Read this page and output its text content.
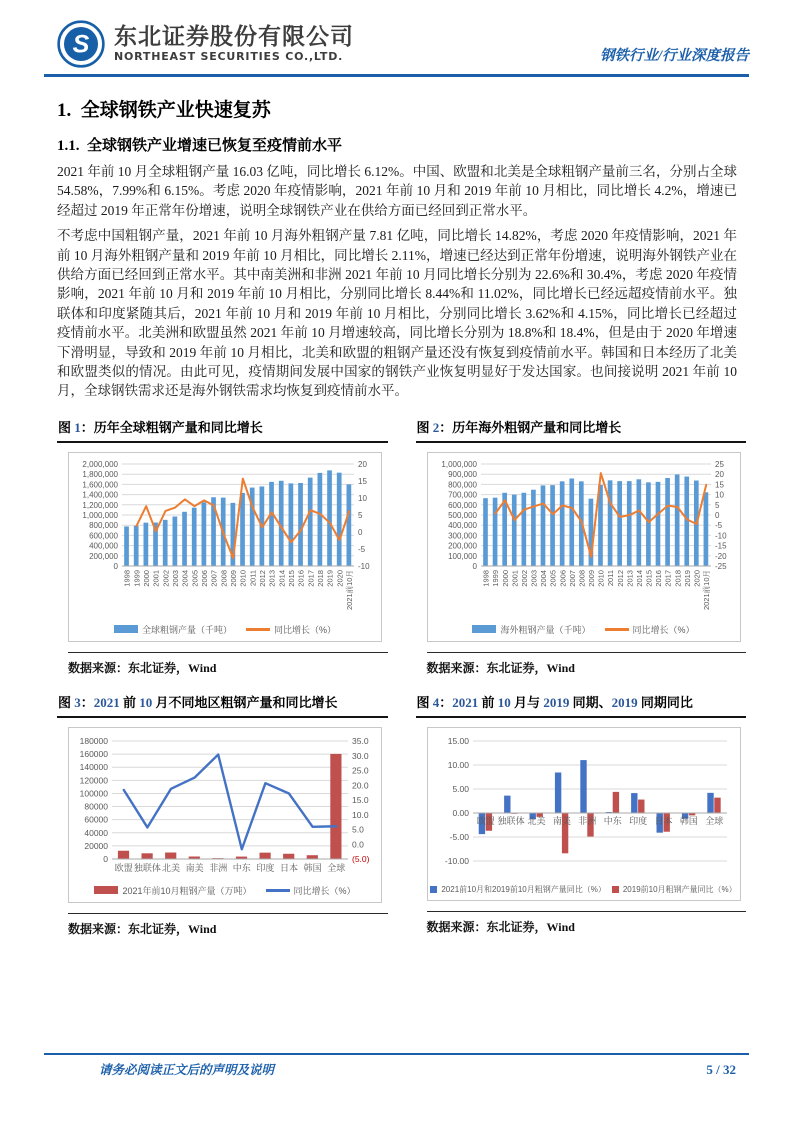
S 东北证券股份有限公司
NORTHEAST SECURITIES CO.,LTD.	钢铁行业/行业深度报告
1.  全球钢铁产业快速复苏
1.1.  全球钢铁产业增速已恢复至疫情前水平

2021 年前 10 月全球粗钢产量 16.03 亿吨，同比增长 6.12%。中国、欧盟和北美是全球粗钢产量前三名，分别占全球 54.58%，7.99%和 6.15%。考虑 2020 年疫情影响，2021 年前 10 月和 2019 年前 10 月相比，同比增长 4.2%，增速已经超过 2019 年正常年份增速，说明全球钢铁产业在供给方面已经回到正常水平。

不考虑中国粗钢产量，2021 年前 10 月海外粗钢产量 7.81 亿吨，同比增长 14.82%，考虑 2020 年疫情影响，2021 年前 10 月海外粗钢产量和 2019 年前 10 月相比，同比增长 2.11%，增速已经达到正常年份增速，说明海外钢铁产业在供给方面已经回到正常水平。其中南美洲和非洲 2021 年前 10 月同比增长分别为 22.6%和 30.4%，考虑 2020 年疫情影响，2021 年前 10 月和 2019 年前 10 月相比，分别同比增长 8.44%和 11.02%，同比增长已经远超疫情前水平。独联体和印度紧随其后，2021 年前 10 月和 2019 年前 10 月相比，分别同比增长 3.62%和 4.15%，同比增长已经超过疫情前水平。北美洲和欧盟虽然 2021 年前 10 月增速较高，同比增长分别为 18.8%和 18.4%，但是由于 2020 年增速下滑明显，导致和 2019 年前 10 月相比，北美和欧盟的粗钢产量还没有恢复到疫情前水平。韩国和日本经历了北美和欧盟类似的情况。由此可见，疫情期间发展中国家的钢铁产业恢复明显好于发达国家。也间接说明 2021 年前 10 月，全球钢铁需求还是海外钢铁需求均恢复到疫情前水平。

图 1：历年全球粗钢产量和同比增长
0
200,000
400,000
600,000
800,000
1,000,000
1,200,000
1,400,000
1,600,000
1,800,000
2,000,000
-10
-5
0
5
10
15
20
1998 1999 2000 2001 2002 2003 2004 2005 2006 2007 2008 2009 2010 2011 2012 2013 2014 2015 2016 2017 2018 2019 2020 2021前10月
全球粗钢产量（千吨）	同比增长（%）
数据来源：东北证券，Wind
图 2：历年海外粗钢产量和同比增长
0
100,000
200,000
300,000
400,000
500,000
600,000
700,000
800,000
900,000
1,000,000
-25
-20
-15
-10
-5
0
5
10
15
20
25
1998 1999 2000 2001 2002 2003 2004 2005 2006 2007 2008 2009 2010 2011 2012 2013 2014 2015 2016 2017 2018 2019 2020 2021前10月
海外粗钢产量（千吨）	同比增长（%）
数据来源：东北证券，Wind
图 3：2021 前 10 月不同地区粗钢产量和同比增长
0
20000
40000
60000
80000
100000
120000
140000
160000
180000
(5.0)
0.0
5.0
10.0
15.0
20.0
25.0
30.0
35.0
欧盟 独联体 北美 南美 非洲 中东 印度 日本 韩国 全球
2021年前10月粗钢产量（万吨）	同比增长（%）
数据来源：东北证券，Wind
图 4：2021 前 10 月与 2019 同期、2019 同期同比
-10.00
-5.00
0.00
5.00
10.00
15.00
欧盟 独联体 北美 南美 非洲 中东 印度 日本 韩国 全球
2021前10月和2019前10月粗钢产量同比（%） 2019前10月粗钢产量同比（%）
数据来源：东北证券，Wind
请务必阅读正文后的声明及说明	5 / 32
